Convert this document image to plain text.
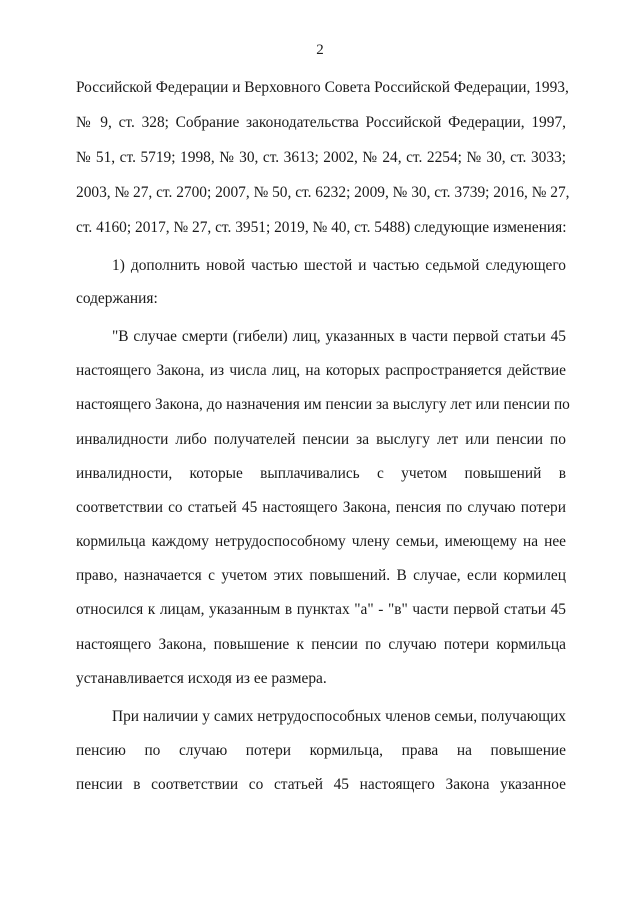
2
Российской Федерации и Верховного Совета Российской Федерации, 1993,
№ 9, ст. 328; Собрание законодательства Российской Федерации, 1997,
№ 51, ст. 5719; 1998, № 30, ст. 3613; 2002, № 24, ст. 2254; № 30, ст. 3033;
2003, № 27, ст. 2700; 2007, № 50, ст. 6232; 2009, № 30, ст. 3739; 2016, № 27,
ст. 4160; 2017, № 27, ст. 3951; 2019, № 40, ст. 5488) следующие изменения:
1) дополнить новой частью шестой и частью седьмой следующего
содержания:
"В случае смерти (гибели) лиц, указанных в части первой статьи 45
настоящего Закона, из числа лиц, на которых распространяется действие
настоящего Закона, до назначения им пенсии за выслугу лет или пенсии по
инвалидности либо получателей пенсии за выслугу лет или пенсии по
инвалидности, которые выплачивались с учетом повышений в
соответствии со статьей 45 настоящего Закона, пенсия по случаю потери
кормильца каждому нетрудоспособному члену семьи, имеющему на нее
право, назначается с учетом этих повышений. В случае, если кормилец
относился к лицам, указанным в пунктах "а" - "в" части первой статьи 45
настоящего Закона, повышение к пенсии по случаю потери кормильца
устанавливается исходя из ее размера.
При наличии у самих нетрудоспособных членов семьи, получающих
пенсию по случаю потери кормильца, права на повышение
пенсии в соответствии со статьей 45 настоящего Закона указанное
